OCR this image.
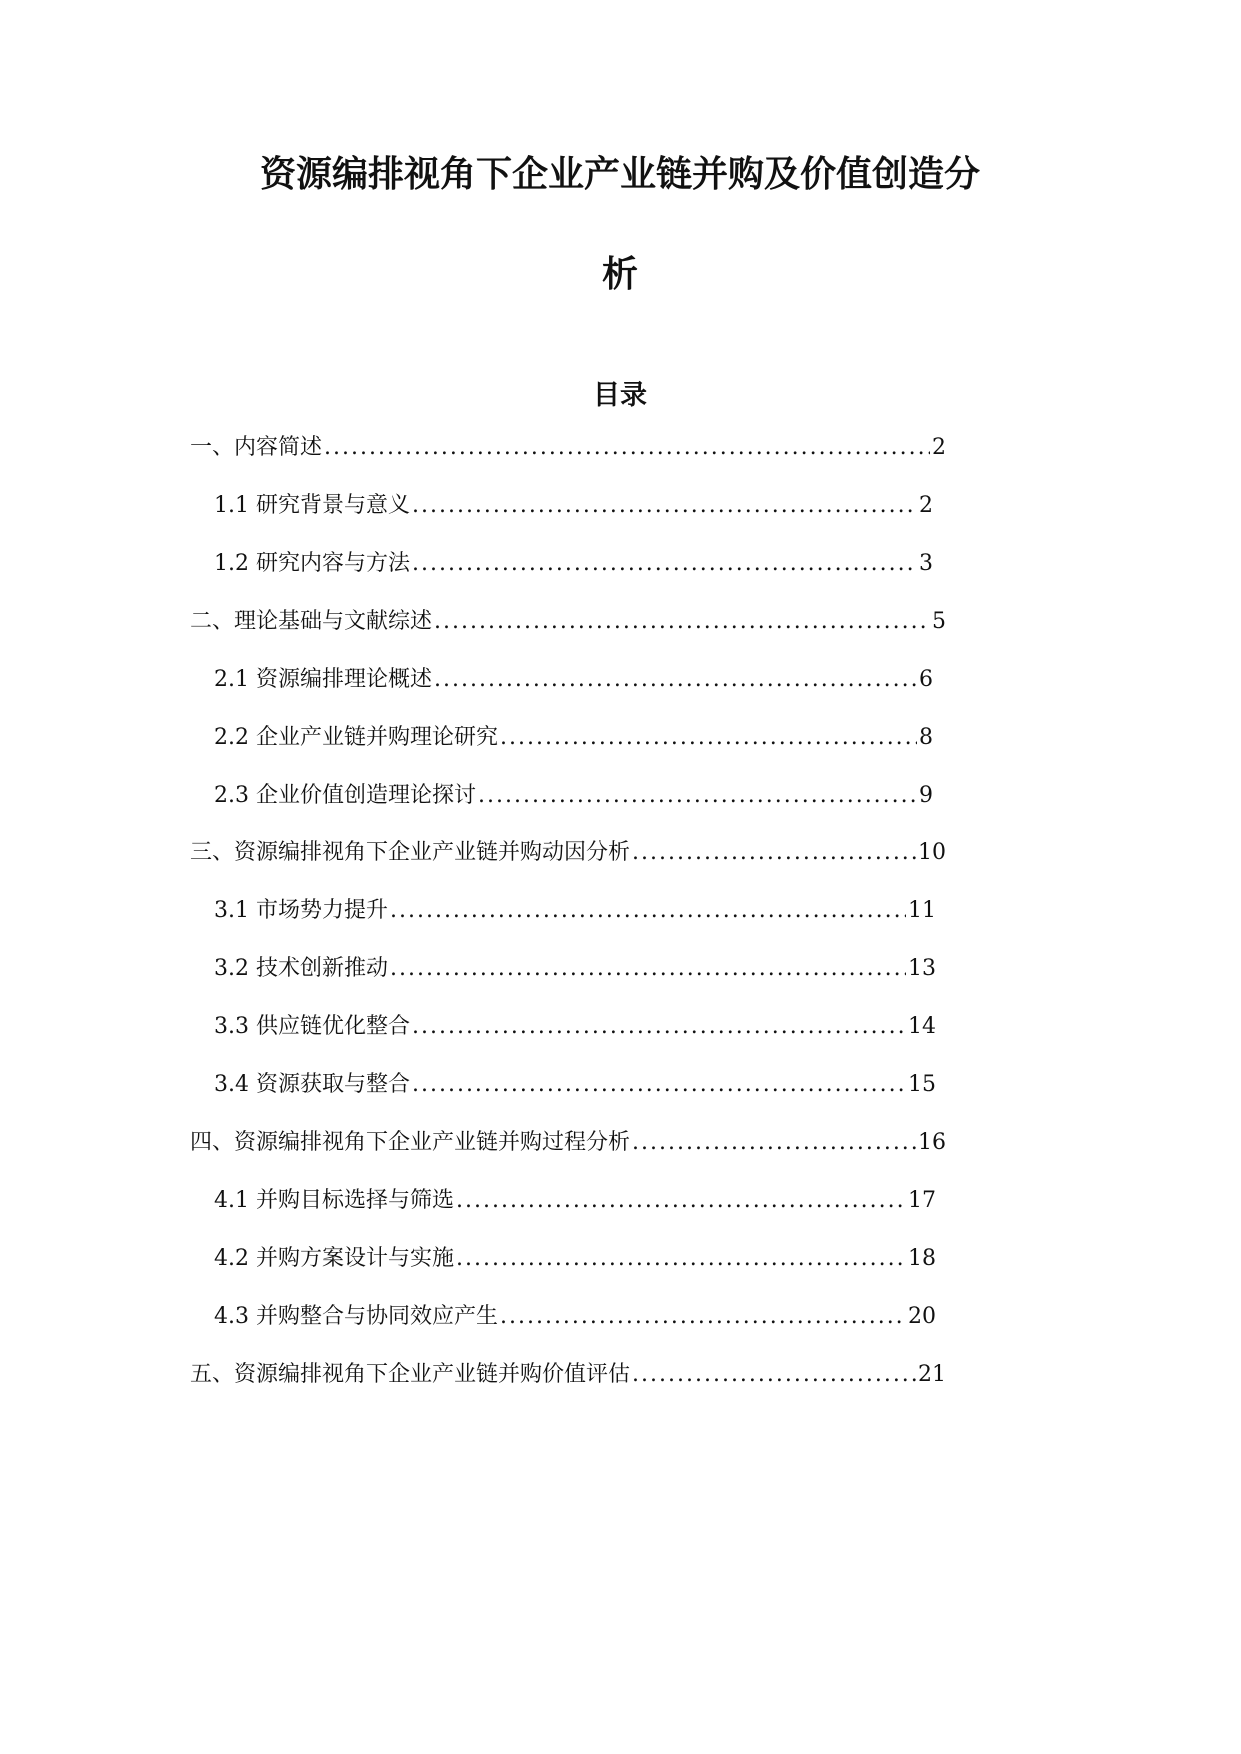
资源编排视角下企业产业链并购及价值创造分
析
目录
一、内容简述 .....	2
1.1 研究背景与意义 .....	2
1.2 研究内容与方法 .....	3
二、理论基础与文献综述 .....	5
2.1 资源编排理论概述 .....	6
2.2 企业产业链并购理论研究 .....	8
2.3 企业价值创造理论探讨 .....	9
三、资源编排视角下企业产业链并购动因分析 .....	10
3.1 市场势力提升 .....	11
3.2 技术创新推动 .....	13
3.3 供应链优化整合 .....	14
3.4 资源获取与整合 .....	15
四、资源编排视角下企业产业链并购过程分析 .....	16
4.1 并购目标选择与筛选 .....	17
4.2 并购方案设计与实施 .....	18
4.3 并购整合与协同效应产生 .....	20
五、资源编排视角下企业产业链并购价值评估 .....	21
